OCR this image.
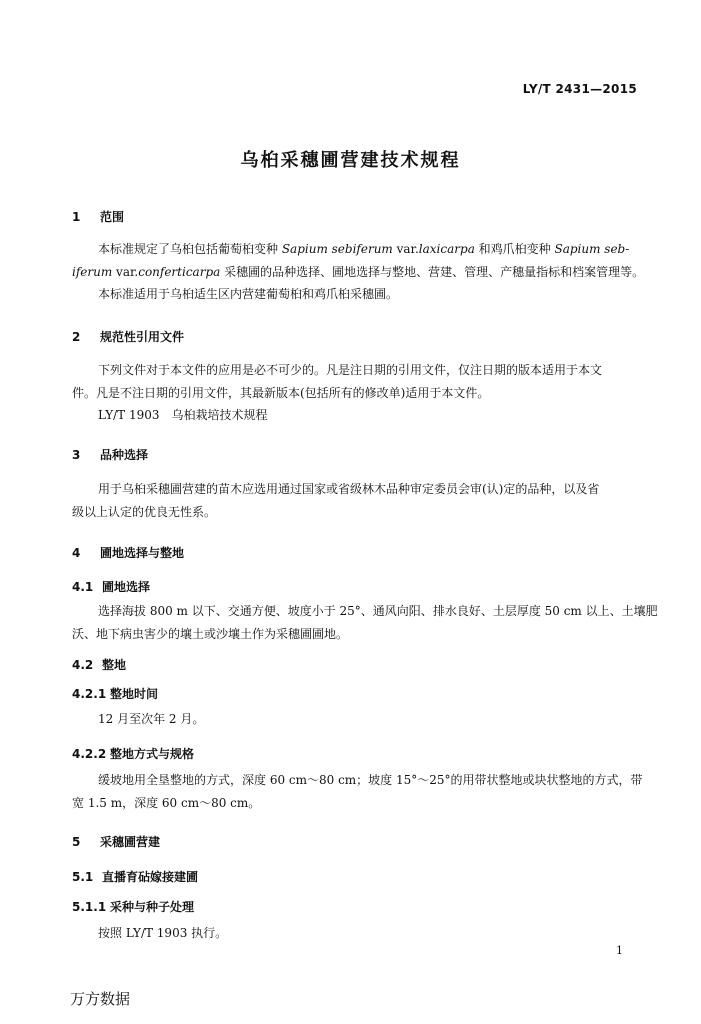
LY/T 2431—2015
乌桕采穗圃营建技术规程
1 范围
本标准规定了乌桕包括葡萄桕变种 Sapium sebiferum var.laxicarpa 和鸡爪桕变种 Sapium seb-
iferum var.conferticarpa 采穗圃的品种选择、圃地选择与整地、营建、管理、产穗量指标和档案管理等。
本标准适用于乌桕适生区内营建葡萄桕和鸡爪桕采穗圃。
2 规范性引用文件
下列文件对于本文件的应用是必不可少的。凡是注日期的引用文件，仅注日期的版本适用于本文
件。凡是不注日期的引用文件，其最新版本(包括所有的修改单)适用于本文件。
LY/T 1903　乌桕栽培技术规程
3 品种选择
用于乌桕采穗圃营建的苗木应选用通过国家或省级林木品种审定委员会审(认)定的品种，以及省
级以上认定的优良无性系。
4 圃地选择与整地
4.1 圃地选择
选择海拔 800 m 以下、交通方便、坡度小于 25°、通风向阳、排水良好、土层厚度 50 cm 以上、土壤肥
沃、地下病虫害少的壤土或沙壤土作为采穗圃圃地。
4.2 整地
4.2.1 整地时间
12 月至次年 2 月。
4.2.2 整地方式与规格
缓坡地用全垦整地的方式，深度 60 cm～80 cm；坡度 15°～25°的用带状整地或块状整地的方式，带
宽 1.5 m，深度 60 cm～80 cm。
5 采穗圃营建
5.1 直播育砧嫁接建圃
5.1.1 采种与种子处理
按照 LY/T 1903 执行。
1
万方数据
